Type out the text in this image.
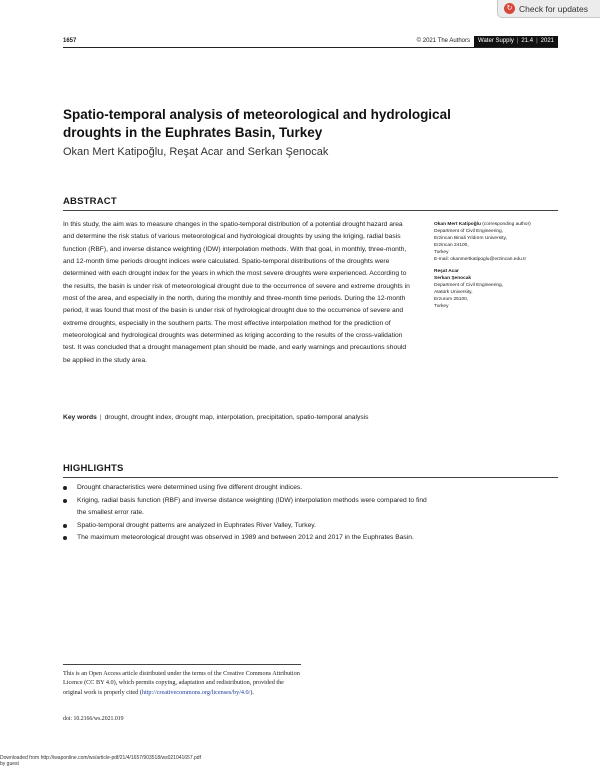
↻ Check for updates
1657	© 2021 The Authors Water Supply | 21.4 | 2021
Spatio-temporal analysis of meteorological and hydrological droughts in the Euphrates Basin, Turkey
Okan Mert Katipoğlu, Reşat Acar and Serkan Şenocak
ABSTRACT

In this study, the aim was to measure changes in the spatio-temporal distribution of a potential drought hazard area and determine the risk status of various meteorological and hydrological droughts by using the kriging, radial basis function (RBF), and inverse distance weighting (IDW) interpolation methods. With that goal, in monthly, three-month, and 12-month time periods drought indices were calculated. Spatio-temporal distributions of the droughts were determined with each drought index for the years in which the most severe droughts were experienced. According to the results, the basin is under risk of meteorological drought due to the occurrence of severe and extreme droughts in most of the area, and especially in the north, during the monthly and three-month time periods. During the 12-month period, it was found that most of the basin is under risk of hydrological drought due to the occurrence of severe and extreme droughts, especially in the southern parts. The most effective interpolation method for the prediction of meteorological and hydrological droughts was determined as kriging according to the results of the cross-validation test. It was concluded that a drought management plan should be made, and early warnings and precautions should be applied in the study area.

Key words | drought, drought index, drought map, interpolation, precipitation, spatio-temporal analysis
Okan Mert Katipoğlu (corresponding author)
Department of Civil Engineering,
Erzincan Binali Yıldırım University,
Erzincan 24100,
Turkey
E-mail: okanmertkatipoglu@erzincan.edu.tr
Reşat Acar
Serkan Şenocak
Department of Civil Engineering,
Atatürk University,
Erzurum 25100,
Turkey
HIGHLIGHTS
Drought characteristics were determined using five different drought indices.
Kriging, radial basis function (RBF) and inverse distance weighting (IDW) interpolation methods were compared to find the smallest error rate.
Spatio-temporal drought patterns are analyzed in Euphrates River Valley, Turkey.
The maximum meteorological drought was observed in 1989 and between 2012 and 2017 in the Euphrates Basin.
This is an Open Access article distributed under the terms of the Creative Commons Attribution Licence (CC BY 4.0), which permits copying, adaptation and redistribution, provided the original work is properly cited (http://creativecommons.org/licenses/by/4.0/).
doi: 10.2166/ws.2021.019
Downloaded from http://iwaponline.com/ws/article-pdf/21/4/1657/903518/ws021041657.pdf
by guest
